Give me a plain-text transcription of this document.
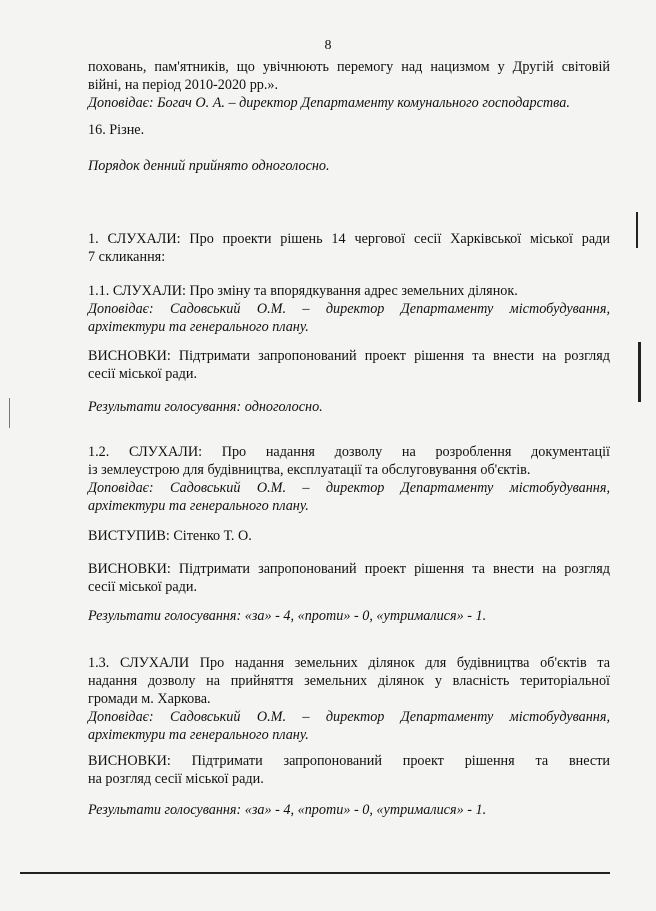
8

поховань, пам'ятників, що увічнюють перемогу над нацизмом у Другій світовій

війні, на період 2010-2020 рр.».

Доповідає: Богач О. А. – директор Департаменту комунального господарства.

16. Різне.
Порядок денний прийнято одноголосно.

1. СЛУХАЛИ: Про проекти рішень 14 чергової сесії Харківської міської ради

7 скликання:

1.1. СЛУХАЛИ: Про зміну та впорядкування адрес земельних ділянок.

Доповідає: Садовський О.М. – директор Департаменту містобудування,

архітектури та генерального плану.

ВИСНОВКИ: Підтримати запропонований проект рішення та внести на розгляд

сесії міської ради.

Результати голосування: одноголосно.

1.2. СЛУХАЛИ: Про надання дозволу на розроблення документації

із землеустрою для будівництва, експлуатації та обслуговування об'єктів.

Доповідає: Садовський О.М. – директор Департаменту містобудування,

архітектури та генерального плану.

ВИСТУПИВ: Сітенко Т. О.

ВИСНОВКИ: Підтримати запропонований проект рішення та внести на розгляд

сесії міської ради.

Результати голосування: «за» - 4, «проти» - 0, «утрималися» - 1.

1.3. СЛУХАЛИ Про надання земельних ділянок для будівництва об'єктів та

надання дозволу на прийняття земельних ділянок у власність територіальної

громади м. Харкова.

Доповідає: Садовський О.М. – директор Департаменту містобудування,

архітектури та генерального плану.

ВИСНОВКИ: Підтримати запропонований проект рішення та внести

на розгляд сесії міської ради.

Результати голосування: «за» - 4, «проти» - 0, «утрималися» - 1.
